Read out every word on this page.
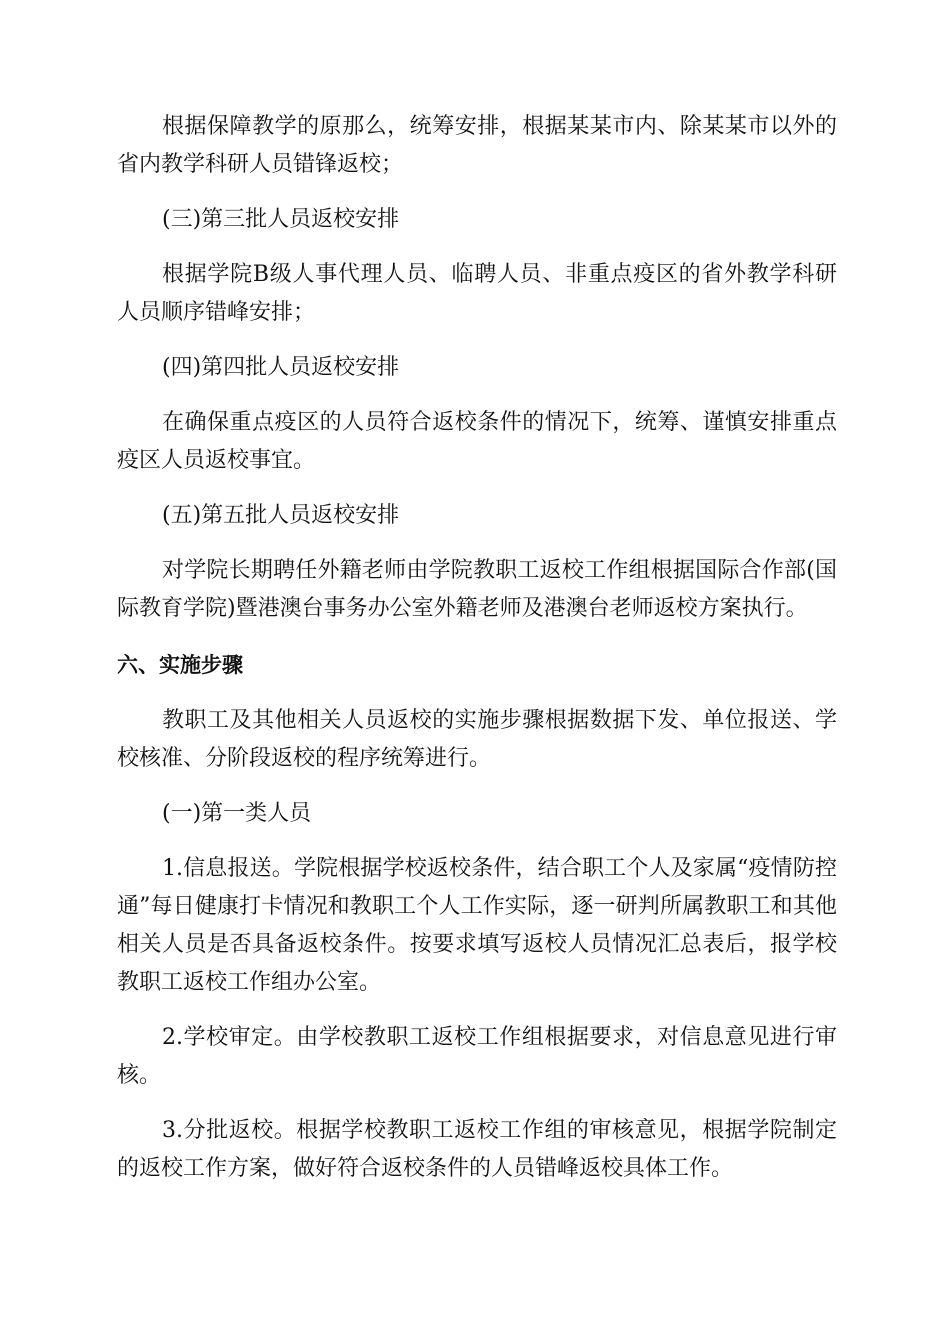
根据保障教学的原那么，统筹安排，根据某某市内、除某某市以外的省内教学科研人员错锋返校；

(三)第三批人员返校安排

根据学院B级人事代理人员、临聘人员、非重点疫区的省外教学科研人员顺序错峰安排；

(四)第四批人员返校安排

在确保重点疫区的人员符合返校条件的情况下，统筹、谨慎安排重点疫区人员返校事宜。

(五)第五批人员返校安排

对学院长期聘任外籍老师由学院教职工返校工作组根据国际合作部(国际教育学院)暨港澳台事务办公室外籍老师及港澳台老师返校方案执行。

六、实施步骤

教职工及其他相关人员返校的实施步骤根据数据下发、单位报送、学校核准、分阶段返校的程序统筹进行。

(一)第一类人员

1.信息报送。学院根据学校返校条件，结合职工个人及家属“疫情防控通”每日健康打卡情况和教职工个人工作实际，逐一研判所属教职工和其他相关人员是否具备返校条件。按要求填写返校人员情况汇总表后，报学校教职工返校工作组办公室。

2.学校审定。由学校教职工返校工作组根据要求，对信息意见进行审核。

3.分批返校。根据学校教职工返校工作组的审核意见，根据学院制定的返校工作方案，做好符合返校条件的人员错峰返校具体工作。
